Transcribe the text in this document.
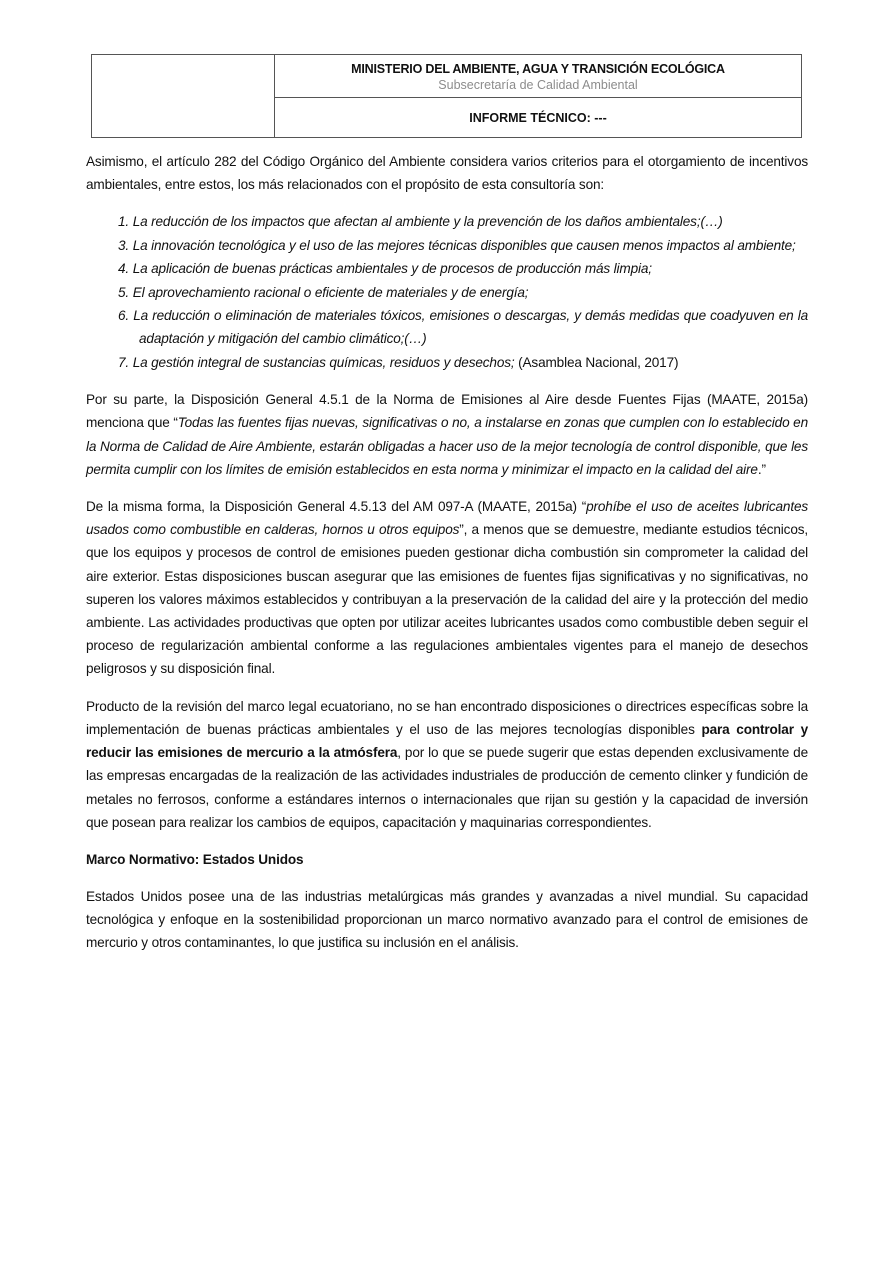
MINISTERIO DEL AMBIENTE, AGUA Y TRANSICIÓN ECOLÓGICA
Subsecretaría de Calidad Ambiental
INFORME TÉCNICO: ---

Asimismo, el artículo 282 del Código Orgánico del Ambiente considera varios criterios para el otorgamiento de incentivos ambientales, entre estos, los más relacionados con el propósito de esta consultoría son:

1. La reducción de los impactos que afectan al ambiente y la prevención de los daños ambientales;(…)
3. La innovación tecnológica y el uso de las mejores técnicas disponibles que causen menos impactos al ambiente;
4. La aplicación de buenas prácticas ambientales y de procesos de producción más limpia;
5. El aprovechamiento racional o eficiente de materiales y de energía;
6. La reducción o eliminación de materiales tóxicos, emisiones o descargas, y demás medidas que coadyuven en la adaptación y mitigación del cambio climático;(…)
7. La gestión integral de sustancias químicas, residuos y desechos; (Asamblea Nacional, 2017)

Por su parte, la Disposición General 4.5.1 de la Norma de Emisiones al Aire desde Fuentes Fijas (MAATE, 2015a) menciona que “Todas las fuentes fijas nuevas, significativas o no, a instalarse en zonas que cumplen con lo establecido en la Norma de Calidad de Aire Ambiente, estarán obligadas a hacer uso de la mejor tecnología de control disponible, que les permita cumplir con los límites de emisión establecidos en esta norma y minimizar el impacto en la calidad del aire.”

De la misma forma, la Disposición General 4.5.13 del AM 097-A (MAATE, 2015a) “prohíbe el uso de aceites lubricantes usados como combustible en calderas, hornos u otros equipos”, a menos que se demuestre, mediante estudios técnicos, que los equipos y procesos de control de emisiones pueden gestionar dicha combustión sin comprometer la calidad del aire exterior. Estas disposiciones buscan asegurar que las emisiones de fuentes fijas significativas y no significativas, no superen los valores máximos establecidos y contribuyan a la preservación de la calidad del aire y la protección del medio ambiente. Las actividades productivas que opten por utilizar aceites lubricantes usados como combustible deben seguir el proceso de regularización ambiental conforme a las regulaciones ambientales vigentes para el manejo de desechos peligrosos y su disposición final.

Producto de la revisión del marco legal ecuatoriano, no se han encontrado disposiciones o directrices específicas sobre la implementación de buenas prácticas ambientales y el uso de las mejores tecnologías disponibles para controlar y reducir las emisiones de mercurio a la atmósfera, por lo que se puede sugerir que estas dependen exclusivamente de las empresas encargadas de la realización de las actividades industriales de producción de cemento clinker y fundición de metales no ferrosos, conforme a estándares internos o internacionales que rijan su gestión y la capacidad de inversión que posean para realizar los cambios de equipos, capacitación y maquinarias correspondientes.

Marco Normativo: Estados Unidos

Estados Unidos posee una de las industrias metalúrgicas más grandes y avanzadas a nivel mundial. Su capacidad tecnológica y enfoque en la sostenibilidad proporcionan un marco normativo avanzado para el control de emisiones de mercurio y otros contaminantes, lo que justifica su inclusión en el análisis.
